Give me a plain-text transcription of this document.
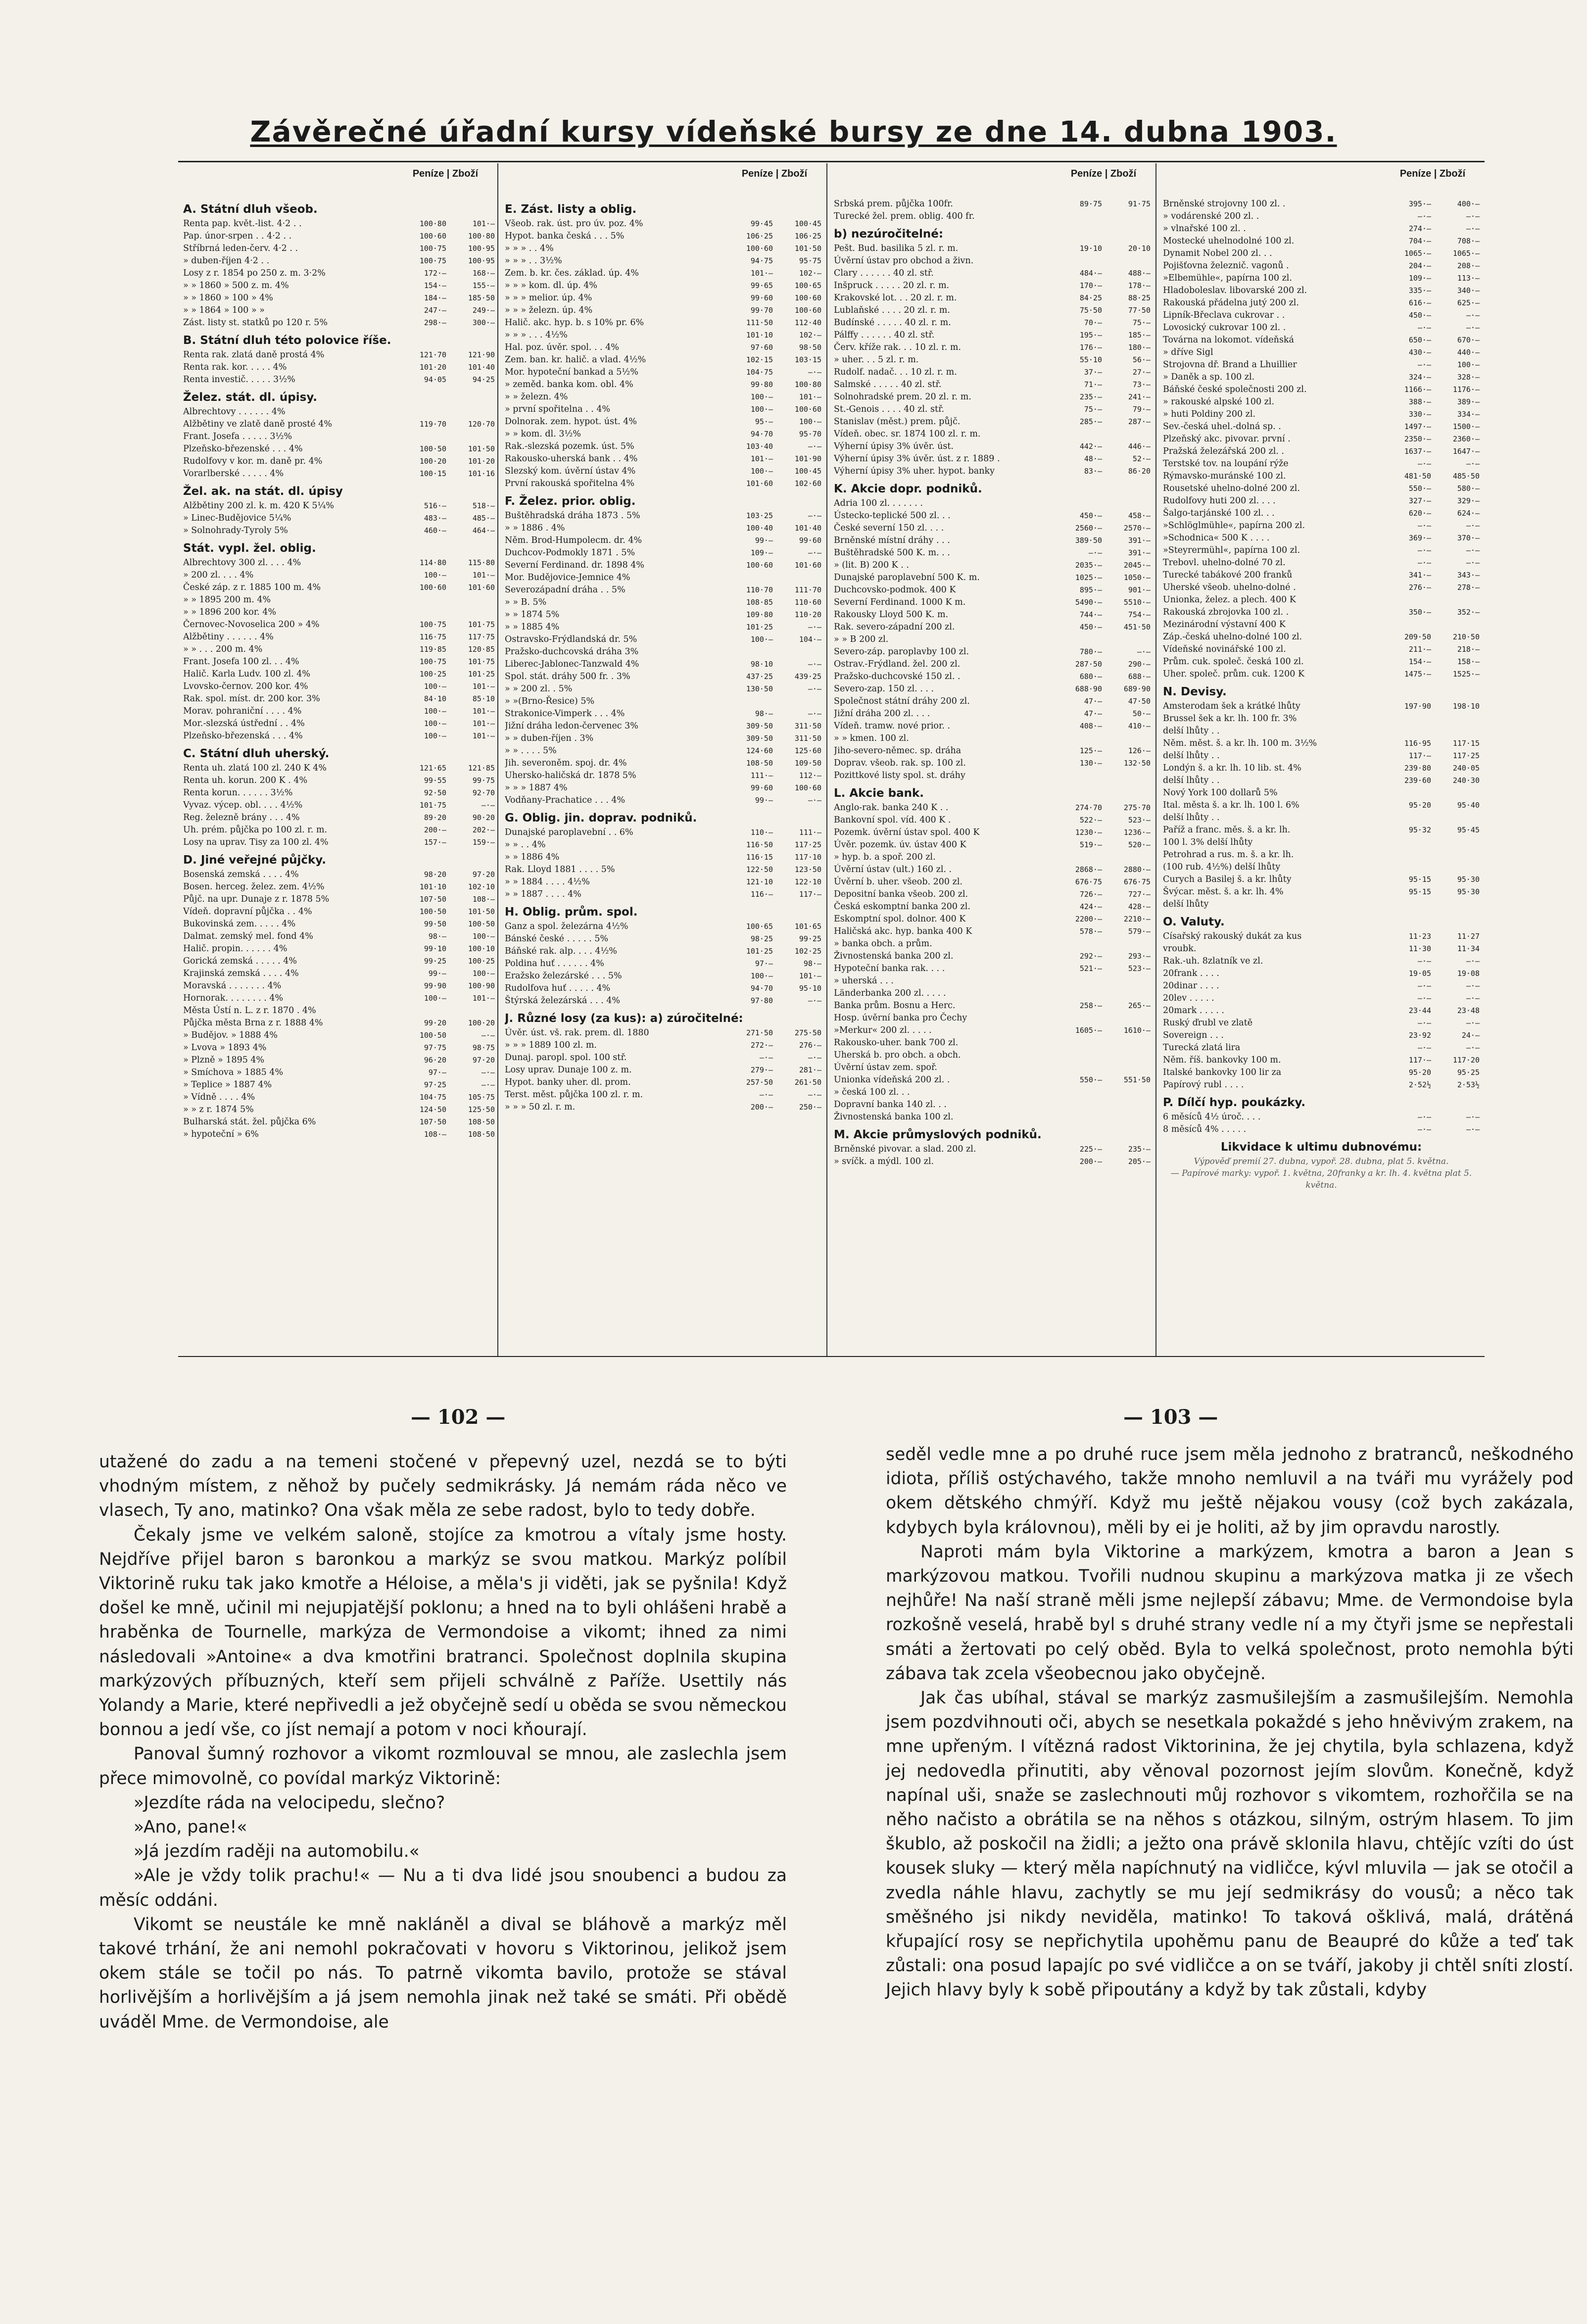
Závěrečné úřadní kursy vídeňské bursy ze dne 14. dubna 1903.
Peníze | Zboží	Peníze | Zboží	Peníze | Zboží	Peníze | Zboží
A. Státní dluh všeob.
Renta pap. květ.-list. 4·2 . .	100·80	101·—
Pap. únor-srpen . . 4·2 . .	100·60	100·80
Stříbrná leden-červ. 4·2 . .	100·75	100·95
» duben-říjen 4·2 . .	100·75	100·95
Losy z r. 1854 po 250 z. m. 3·2%	172·—	168·—
» » 1860 » 500 z. m. 4%	154·—	155·—
» » 1860 » 100 » 4%	184·—	185·50
» » 1864 » 100 » »	247·—	249·—
Zást. listy st. statků po 120 r. 5%	298·—	300·—
B. Státní dluh této polovice říše.
Renta rak. zlatá daně prostá 4%	121·70	121·90
Renta rak. kor. . . . . 4%	101·20	101·40
Renta investič. . . . . 3½%	94·05	94·25
Želez. stát. dl. úpisy.
Albrechtovy . . . . . . 4%
Alžbětiny ve zlatě daně prosté 4%	119·70	120·70
Frant. Josefa . . . . . 3½%
Plzeňsko-březenské . . . 4%	100·50	101·50
Rudolfovy v kor. m. daně pr. 4%	100·20	101·20
Vorarlberské . . . . . 4%	100·15	101·16
Žel. ak. na stát. dl. úpisy
Alžbětiny 200 zl. k. m. 420 K 5¼%	516·—	518·—
» Linec-Budějovice 5¼%	483·—	485·—
» Solnohrady-Tyroly 5%	460·—	464·—
Stát. vypl. žel. oblig.
Albrechtovy 300 zl. . . . 4%	114·80	115·80
» 200 zl. . . . 4%	100·—	101·—
České záp. z r. 1885 100 m. 4%	100·60	101·60
» » 1895 200 m. 4%
» » 1896 200 kor. 4%
Černovec-Novoselica 200 » 4%	100·75	101·75
Alžbětiny . . . . . . 4%	116·75	117·75
» » . . . 200 m. 4%	119·85	120·85
Frant. Josefa 100 zl. . . 4%	100·75	101·75
Halič. Karla Ludv. 100 zl. 4%	100·25	101·25
Lvovsko-černov. 200 kor. 4%	100·—	101·—
Rak. spol. míst. dr. 200 kor. 3%	84·10	85·10
Morav. pohraniční . . . . 4%	100·—	101·—
Mor.-slezská ústřední . . 4%	100·—	101·—
Plzeňsko-březenská . . . 4%	100·—	101·—
C. Státní dluh uherský.
Renta uh. zlatá 100 zl. 240 K 4%	121·65	121·85
Renta uh. korun. 200 K . 4%	99·55	99·75
Renta korun. . . . . . 3½%	92·50	92·70
Vyvaz. výcep. obl. . . . 4½%	101·75	—·—
Reg. železně brány . . . 4%	89·20	90·20
Uh. prém. půjčka po 100 zl. r. m.	200·—	202·—
Losy na uprav. Tisy za 100 zl. 4%	157·—	159·—
D. Jiné veřejné půjčky.
Bosenská zemská . . . . 4%	98·20	97·20
Bosen. herceg. želez. zem. 4½%	101·10	102·10
Půjč. na upr. Dunaje z r. 1878 5%	107·50	108·—
Vídeň. dopravní půjčka . . 4%	100·50	101·50
Bukovinská zem. . . . . 4%	99·50	100·50
Dalmat. zemský mel. fond 4%	98·—	100·—
Halič. propin. . . . . . 4%	99·10	100·10
Gorická zemská . . . . . 4%	99·25	100·25
Krajinská zemská . . . . 4%	99·—	100·—
Moravská . . . . . . . 4%	99·90	100·90
Hornorak. . . . . . . . 4%	100·—	101·—
Města Ústí n. L. z r. 1870 . 4%
Půjčka města Brna z r. 1888 4%	99·20	100·20
» Budějov. » 1888 4%	100·50	—·—
» Lvova » 1893 4%	97·75	98·75
» Plzně » 1895 4%	96·20	97·20
» Smíchova » 1885 4%	97·—	—·—
» Teplice » 1887 4%	97·25	—·—
» Vídně . . . . 4%	104·75	105·75
» » z r. 1874 5%	124·50	125·50
Bulharská stát. žel. půjčka 6%	107·50	108·50
» hypoteční » 6%	108·—	108·50
E. Zást. listy a oblig.
Všeob. rak. úst. pro úv. poz. 4%	99·45	100·45
Hypot. banka česká . . . 5%	106·25	106·25
» » » . . 4%	100·60	101·50
» » » . . 3½%	94·75	95·75
Zem. b. kr. čes. základ. úp. 4%	101·—	102·—
» » » kom. dl. úp. 4%	99·65	100·65
» » » melior. úp. 4%	99·60	100·60
» » » železn. úp. 4%	99·70	100·60
Halič. akc. hyp. b. s 10% pr. 6%	111·50	112·40
» » » . . . 4½%	101·10	102·—
Hal. poz. úvěr. spol. . . 4%	97·60	98·50
Zem. ban. kr. halič. a vlad. 4½%	102·15	103·15
Mor. hypoteční bankad a 5½%	104·75	—·—
» zeměd. banka kom. obl. 4%	99·80	100·80
» » železn. 4%	100·—	101·—
» první spořitelna . . 4%	100·—	100·60
Dolnorak. zem. hypot. úst. 4%	95·—	100·—
» » kom. dl. 3½%	94·70	95·70
Rak.-slezská pozemk. úst. 5%	103·40	—·—
Rakousko-uherská bank . . 4%	101·—	101·90
Slezský kom. úvěrní ústav 4%	100·—	100·45
První rakouská spořitelna 4%	101·60	102·60
F. Želez. prior. oblig.
Buštěhradská dráha 1873 . 5%	103·25	—·—
» » 1886 . 4%	100·40	101·40
Něm. Brod-Humpolecm. dr. 4%	99·—	99·60
Duchcov-Podmokly 1871 . 5%	109·—	—·—
Severní Ferdinand. dr. 1898 4%	100·60	101·60
Mor. Budějovice-Jemnice 4%
Severozápadní dráha . . 5%	110·70	111·70
» » B. 5%	108·85	110·60
» » 1874 5%	109·80	110·20
» » 1885 4%	101·25	—·—
Ostravsko-Frýdlandská dr. 5%	100·—	104·—
Pražsko-duchcovská dráha 3%
Liberec-Jablonec-Tanzwald 4%	98·10	—·—
Spol. stát. dráhy 500 fr. . 3%	437·25	439·25
» » 200 zl. . 5%	130·50	—·—
» »(Brno-Řesice) 5%
Strakonice-Vimperk . . . 4%	98·—	—·—
Jižní dráha ledon-červenec 3%	309·50	311·50
» » duben-říjen . 3%	309·50	311·50
» » . . . . 5%	124·60	125·60
Jih. severoněm. spoj. dr. 4%	108·50	109·50
Uhersko-haličská dr. 1878 5%	111·—	112·—
» » » 1887 4%	99·60	100·60
Vodňany-Prachatice . . . 4%	99·—	—·—
G. Oblig. jin. doprav. podniků.
Dunajské paroplavební . . 6%	110·—	111·—
» » . . 4%	116·50	117·25
» » 1886 4%	116·15	117·10
Rak. Lloyd 1881 . . . . 5%	122·50	123·50
» » 1884 . . . . 4½%	121·10	122·10
» » 1887 . . . . 4%	116·—	117·—
H. Oblig. prům. spol.
Ganz a spol. železárna 4½%	100·65	101·65
Bánské české . . . . . 5%	98·25	99·25
Báňské rak. alp. . . . 4½%	101·25	102·25
Poldina huť . . . . . . 4%	97·—	98·—
Eražsko železárské . . . 5%	100·—	101·—
Rudolfova huť . . . . . 4%	94·70	95·10
Štýrská železárská . . . 4%	97·80	—·—
J. Různé losy (za kus): a) zúročitelné:
Úvěr. úst. vš. rak. prem. dl. 1880	271·50	275·50
» » » 1889 100 zl. m.	272·—	276·—
Dunaj. paropl. spol. 100 stř.	—·—	—·—
Losy uprav. Dunaje 100 z. m.	279·—	281·—
Hypot. banky uher. dl. prom.	257·50	261·50
Terst. měst. půjčka 100 zl. r. m.	—·—	—·—
» » » 50 zl. r. m.	200·—	250·—
Srbská prem. půjčka 100fr.	89·75	91·75
Turecké žel. prem. oblig. 400 fr.
b) nezúročitelné:
Pešt. Bud. basilika 5 zl. r. m.	19·10	20·10
Úvěrní ústav pro obchod a živn.
Clary . . . . . . 40 zl. stř.	484·—	488·—
Inšpruck . . . . . 20 zl. r. m.	170·—	178·—
Krakovské lot. . . 20 zl. r. m.	84·25	88·25
Lublaňské . . . . 20 zl. r. m.	75·50	77·50
Budínské . . . . . 40 zl. r. m.	70·—	75·—
Pálffy . . . . . . 40 zl. stř.	195·—	185·—
Červ. kříže rak. . . 10 zl. r. m.	176·—	180·—
» uher. . . 5 zl. r. m.	55·10	56·—
Rudolf. nadač. . . 10 zl. r. m.	37·—	27·—
Salmské . . . . . 40 zl. stř.	71·—	73·—
Solnohradské prem. 20 zl. r. m.	235·—	241·—
St.-Genois . . . . 40 zl. stř.	75·—	79·—
Stanislav (měst.) prem. půjč.	285·—	287·—
Vídeň. obec. sr. 1874 100 zl. r. m.
Výherní úpisy 3% úvěr. úst.	442·—	446·—
Výherní úpisy 3% úvěr. úst. z r. 1889 .	48·—	52·—
Výherní úpisy 3% uher. hypot. banky	83·—	86·20
K. Akcie dopr. podniků.
Adria 100 zl. . . . . . .
Ústecko-teplické 500 zl. . .	450·—	458·—
České severní 150 zl. . . .	2560·—	2570·—
Brněnské místní dráhy . . .	389·50	391·—
Buštěhradské 500 K. m. . .	—·—	391·—
» (lit. B) 200 K . .	2035·—	2045·—
Dunajské paroplavební 500 K. m.	1025·—	1050·—
Duchcovsko-podmok. 400 K	895·—	901·—
Severní Ferdinand. 1000 K m.	5490·—	5510·—
Rakousky Lloyd 500 K. m.	744·—	754·—
Rak. severo-západní 200 zl.	450·—	451·50
» » B 200 zl.
Severo-záp. paroplavby 100 zl.	780·—	—·—
Ostrav.-Frýdland. žel. 200 zl.	287·50	290·—
Pražsko-duchcovské 150 zl. .	680·—	688·—
Severo-zap. 150 zl. . . .	688·90	689·90
Společnost státní dráhy 200 zl.	47·—	47·50
Jižní dráha 200 zl. . . .	47·—	50·—
Vídeň. tramw. nové prior. .	408·—	410·—
» » kmen. 100 zl.
Jiho-severo-němec. sp. dráha	125·—	126·—
Doprav. všeob. rak. sp. 100 zl.	130·—	132·50
Pozittkové listy spol. st. dráhy
L. Akcie bank.
Anglo-rak. banka 240 K . .	274·70	275·70
Bankovní spol. víd. 400 K .	522·—	523·—
Pozemk. úvěrní ústav spol. 400 K	1230·—	1236·—
Úvěr. pozemk. úv. ústav 400 K	519·—	520·—
» hyp. b. a spoř. 200 zl.
Úvěrní ústav (ult.) 160 zl. .	2868·—	2880·—
Úvěrní b. uher. všeob. 200 zl.	676·75	676·75
Depositní banka všeob. 200 zl.	726·—	727·—
Česká eskomptní banka 200 zl.	424·—	428·—
Eskomptní spol. dolnor. 400 K	2200·—	2210·—
Haličská akc. hyp. banka 400 K	578·—	579·—
» banka obch. a prům.
Živnostenská banka 200 zl.	292·—	293·—
Hypoteční banka rak. . . .	521·—	523·—
» uherská . . .
Länderbanka 200 zl. . . . .
Banka prům. Bosnu a Herc.	258·—	265·—
Hosp. úvěrní banka pro Čechy
»Merkur« 200 zl. . . . .	1605·—	1610·—
Rakousko-uher. bank 700 zl.
Uherská b. pro obch. a obch.
Úvěrní ústav zem. spoř.
Unionka vídeňská 200 zl. .	550·—	551·50
» česká 100 zl. . .
Dopravní banka 140 zl. . .
Živnostenská banka 100 zl.
M. Akcie průmyslových podniků.
Brněnské pivovar. a slad. 200 zl.	225·—	235·—
» svíčk. a mýdl. 100 zl.	200·—	205·—
Brněnské strojovny 100 zl. .	395·—	400·—
» vodárenské 200 zl. .	—·—	—·—
» vlnařské 100 zl. .	274·—	—·—
Mostecké uhelnodolné 100 zl.	704·—	708·—
Dynamit Nobel 200 zl. . .	1065·—	1065·—
Pojišťovna železnič. vagonů .	204·—	208·—
»Elbemühle«, papírna 100 zl.	109·—	113·—
Hladoboleslav. libovarské 200 zl.	335·—	340·—
Rakouská přádelna jutý 200 zl.	616·—	625·—
Lipník-Břeclava cukrovar . .	450·—	—·—
Lovosický cukrovar 100 zl. .	—·—	—·—
Továrna na lokomot. vídeňská	650·—	670·—
» dříve Sigl	430·—	440·—
Strojovna dř. Brand a Lhuillier	—·—	100·—
» Daněk a sp. 100 zl.	324·—	328·—
Báňské české společnosti 200 zl.	1166·—	1176·—
» rakouské alpské 100 zl.	388·—	389·—
» huti Poldiny 200 zl.	330·—	334·—
Sev.-česká uhel.-dolná sp. .	1497·—	1500·—
Plzeňský akc. pivovar. první .	2350·—	2360·—
Pražská železářská 200 zl. .	1637·—	1647·—
Terstské tov. na loupání rýže	—·—	—·—
Rýmavsko-muránské 100 zl.	481·50	485·50
Rousetské uhelno-dolné 200 zl.	550·—	580·—
Rudolfovy huti 200 zl. . . .	327·—	329·—
Šalgo-tarjánské 100 zl. . .	620·—	624·—
»Schlöglmühle«, papírna 200 zl.	—·—	—·—
»Schodnica« 500 K . . . .	369·—	370·—
»Steyrermühl«, papírna 100 zl.	—·—	—·—
Trebovl. uhelno-dolné 70 zl.	—·—	—·—
Turecké tabákové 200 franků	341·—	343·—
Uherské všeob. uhelno-dolné .	276·—	278·—
Unionka, želez. a plech. 400 K
Rakouská zbrojovka 100 zl. .	350·—	352·—
Mezinárodní výstavní 400 K
Záp.-česká uhelno-dolné 100 zl.	209·50	210·50
Vídeňské novinářské 100 zl.	211·—	218·—
Prům. cuk. společ. česká 100 zl.	154·—	158·—
Uher. společ. prům. cuk. 1200 K	1475·—	1525·—
N. Devisy.
Amsterodam šek a krátké lhůty	197·90	198·10
Brussel šek a kr. lh. 100 fr. 3%
delší lhůty . .
Něm. měst. š. a kr. lh. 100 m. 3½%	116·95	117·15
delší lhůty . .	117·—	117·25
Londýn š. a kr. lh. 10 lib. st. 4%	239·80	240·05
delší lhůty . .	239·60	240·30
Nový York 100 dollarů 5%
Ital. města š. a kr. lh. 100 l. 6%	95·20	95·40
delší lhůty . .
Paříž a franc. měs. š. a kr. lh.	95·32	95·45
100 l. 3% delší lhůty
Petrohrad a rus. m. š. a kr. lh.
(100 rub. 4½%) delší lhůty
Curych a Basilej š. a kr. lhůty	95·15	95·30
Švýcar. měst. š. a kr. lh. 4%	95·15	95·30
delší lhůty
O. Valuty.
Císařský rakouský dukát za kus	11·23	11·27
vroubk.	11·30	11·34
Rak.-uh. 8zlatník ve zl.	—·—	—·—
20frank . . . .	19·05	19·08
20dinar . . . .	—·—	—·—
20lev . . . . .	—·—	—·—
20mark . . . . .	23·44	23·48
Ruský ďrubl ve zlatě	—·—	—·—
Sovereign . . .	23·92	24·—
Turecká zlatá lira	—·—	—·—
Něm. říš. bankovky 100 m.	117·—	117·20
Italské bankovky 100 lir za	95·20	95·25
Papírový rubl . . . .	2·52½	2·53½
P. Dílčí hyp. poukázky.
6 měsíců 4½ úroč. . . .	—·—	—·—
8 měsíců 4% . . . . .	—·—	—·—
Likvidace k ultimu dubnovému:
Výpověď premií 27. dubna, vypoř. 28. dubna, plat 5. května.
— Papírové marky: vypoř. 1. května, 20franky a kr. lh. 4. května plat 5. května.
— 102 —	— 103 —

utažené do zadu a na temeni stočené v přepevný uzel, nezdá se to býti vhodným místem, z něhož by pučely sedmikrásky. Já nemám ráda něco ve vlasech, Ty ano, matinko? Ona však měla ze sebe radost, bylo to tedy dobře.

Čekaly jsme ve velkém saloně, stojíce za kmotrou a vítaly jsme hosty. Nejdříve přijel baron s baronkou a markýz se svou matkou. Markýz políbil Viktorině ruku tak jako kmotře a Héloise, a měla's ji viděti, jak se pyšnila! Když došel ke mně, učinil mi nejupjatější poklonu; a hned na to byli ohlášeni hrabě a hraběnka de Tournelle, markýza de Vermondoise a vikomt; ihned za nimi následovali »Antoine« a dva kmotřini bratranci. Společnost doplnila skupina markýzových příbuzných, kteří sem přijeli schválně z Paříže. Usettily nás Yolandy a Marie, které nepřivedli a jež obyčejně sedí u oběda se svou německou bonnou a jedí vše, co jíst nemají a potom v noci kňourají.

Panoval šumný rozhovor a vikomt rozmlouval se mnou, ale zaslechla jsem přece mimovolně, co povídal markýz Viktorině:

»Jezdíte ráda na velocipedu, slečno?

»Ano, pane!«

»Já jezdím raději na automobilu.«

»Ale je vždy tolik prachu!« — Nu a ti dva lidé jsou snoubenci a budou za měsíc oddáni.

Vikomt se neustále ke mně nakláněl a dival se bláhově a markýz měl takové trhání, že ani nemohl pokračovati v hovoru s Viktorinou, jelikož jsem okem stále se točil po nás. To patrně vikomta bavilo, protože se stával horlivějším a horlivějším a já jsem nemohla jinak než také se smáti. Při obědě uváděl Mme. de Vermondoise, ale

seděl vedle mne a po druhé ruce jsem měla jednoho z bratranců, neškodného idiota, příliš ostýchavého, takže mnoho nemluvil a na tváři mu vyrážely pod okem dětského chmýří. Když mu ještě nějakou vousy (což bych zakázala, kdybych byla královnou), měli by ei je holiti, až by jim opravdu narostly.

Naproti mám byla Viktorine a markýzem, kmotra a baron a Jean s markýzovou matkou. Tvořili nudnou skupinu a markýzova matka ji ze všech nejhůře! Na naší straně měli jsme nejlepší zábavu; Mme. de Vermondoise byla rozkošně veselá, hrabě byl s druhé strany vedle ní a my čtyři jsme se nepřestali smáti a žertovati po celý oběd. Byla to velká společnost, proto nemohla býti zábava tak zcela všeobecnou jako obyčejně.

Jak čas ubíhal, stával se markýz zasmušilejším a zasmušilejším. Nemohla jsem pozdvihnouti oči, abych se nesetkala pokaždé s jeho hněvivým zrakem, na mne upřeným. I vítězná radost Viktorinina, že jej chytila, byla schlazena, když jej nedovedla přinutiti, aby věnoval pozornost jejím slovům. Konečně, když napínal uši, snaže se zaslechnouti můj rozhovor s vikomtem, rozhořčila se na něho načisto a obrátila se na něhos s otázkou, silným, ostrým hlasem. To jim škublo, až poskočil na židli; a ježto ona právě sklonila hlavu, chtějíc vzíti do úst kousek sluky — který měla napíchnutý na vidličce, kývl mluvila — jak se otočil a zvedla náhle hlavu, zachytly se mu její sedmikrásy do vousů; a něco tak směšného jsi nikdy neviděla, matinko! To taková ošklivá, malá, drátěná křupající rosy se nepřichytila upohěmu panu de Beaupré do kůže a teď tak zůstali: ona posud lapajíc po své vidličce a on se tváří, jakoby ji chtěl sníti zlostí. Jejich hlavy byly k sobě připoutány a když by tak zůstali, kdyby
